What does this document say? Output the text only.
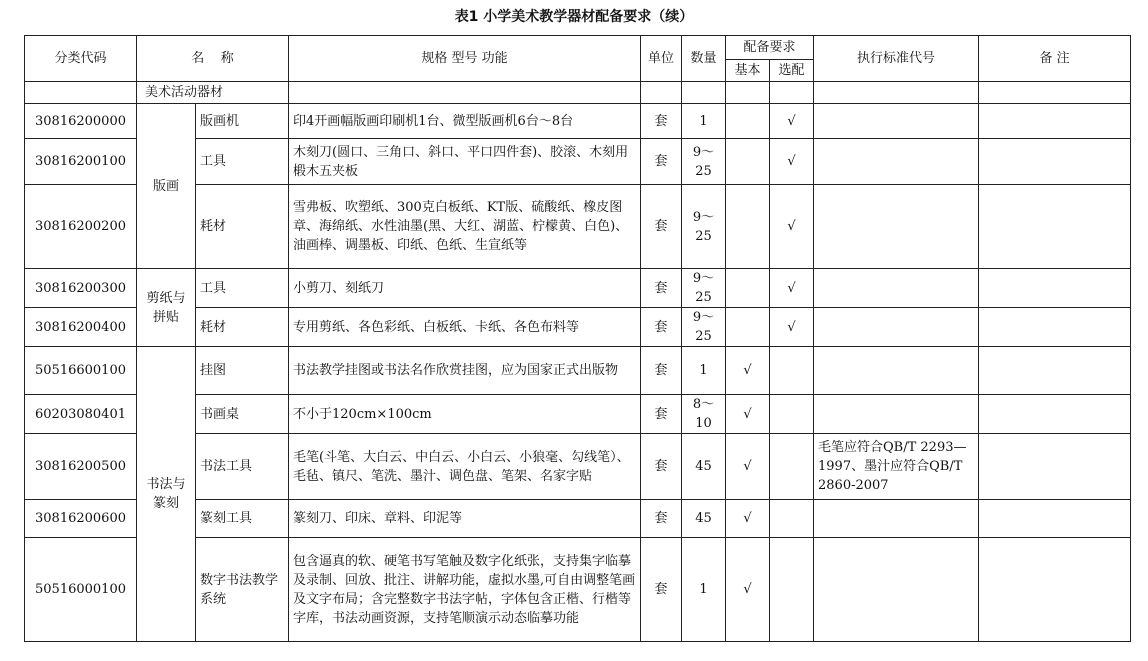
表1 小学美术教学器材配备要求（续）
分类代码	名    称		规格 型号 功能	单位	数量	配备要求		执行标准代号	备 注
						基本	选配		
	美术活动器材								
30816200000	版画	版画机	印4开画幅版画印刷机1台、微型版画机6台～8台	套	1		√		
30816200100		工具	木刻刀(圆口、三角口、斜口、平口四件套)、胶滚、木刻用椴木五夹板	套	9～25		√		
30816200200		耗材	雪弗板、吹塑纸、300克白板纸、KT版、硫酸纸、橡皮图章、海绵纸、水性油墨(黑、大红、湖蓝、柠檬黄、白色)、油画棒、调墨板、印纸、色纸、生宣纸等	套	9～25		√		
30816200300	剪纸与拼贴	工具	小剪刀、刻纸刀	套	9～25		√		
30816200400		耗材	专用剪纸、各色彩纸、白板纸、卡纸、各色布料等	套	9～25		√		
50516600100	书法与篆刻	挂图	书法教学挂图或书法名作欣赏挂图，应为国家正式出版物	套	1	√			
60203080401		书画桌	不小于120cm×100cm	套	8～10	√			
30816200500		书法工具	毛笔(斗笔、大白云、中白云、小白云、小狼毫、勾线笔）、毛毡、镇尺、笔洗、墨汁、调色盘、笔架、名家字贴	套	45	√		毛笔应符合QB/T 2293—1997、墨汁应符合QB/T 2860-2007	
30816200600		篆刻工具	篆刻刀、印床、章料、印泥等	套	45	√			
50516000100		数字书法教学系统	包含逼真的软、硬笔书写笔触及数字化纸张，支持集字临摹及录制、回放、批注、讲解功能，虚拟水墨,可自由调整笔画及文字布局；含完整数字书法字帖，字体包含正楷、行楷等字库，书法动画资源，支持笔顺演示动态临摹功能	套	1	√			
